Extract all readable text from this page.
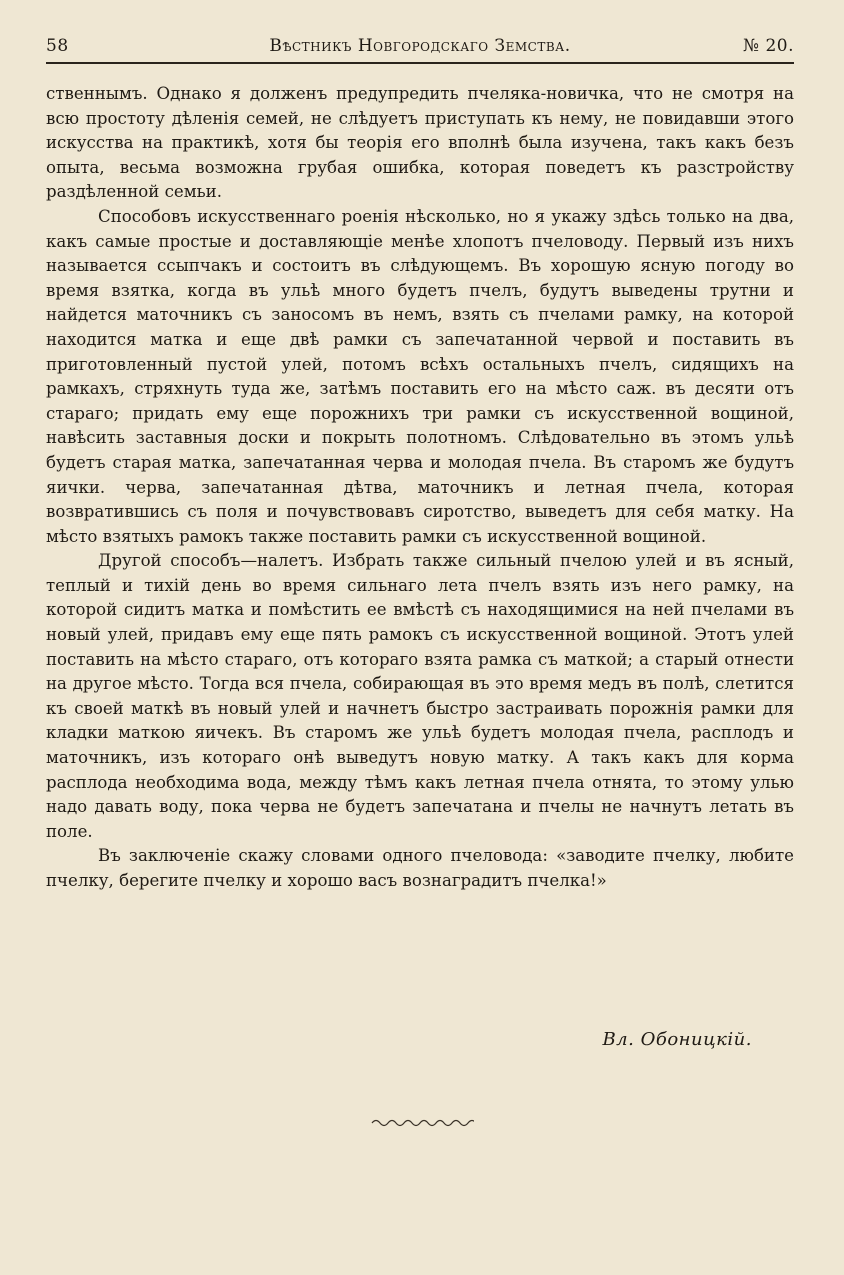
58	Вѣстникъ Новгородскаго Земства.	№ 20.

ственнымъ. Однако я долженъ предупредить пчеляка-новичка, что не смотря на всю простоту дѣленія семей, не слѣдуетъ приступать къ нему, не повидавши этого искусства на практикѣ, хотя бы теорія его вполнѣ была изучена, такъ какъ безъ опыта, весьма возможна грубая ошибка, которая поведетъ къ разстройству раздѣленной семьи.

Способовъ искусственнаго роенія нѣсколько, но я укажу здѣсь только на два, какъ самые простые и доставляющіе менѣе хлопотъ пчеловоду. Первый изъ нихъ называется ссыпчакъ и состоитъ въ слѣдующемъ. Въ хорошую ясную погоду во время взятка, когда въ ульѣ много будетъ пчелъ, будутъ выведены трутни и найдется маточникъ съ заносомъ въ немъ, взять съ пчелами рамку, на которой находится матка и еще двѣ рамки съ запечатанной червой и поставить въ приготовленный пустой улей, потомъ всѣхъ остальныхъ пчелъ, сидящихъ на рамкахъ, стряхнуть туда же, затѣмъ поставить его на мѣсто саж. въ десяти отъ стараго; придать ему еще порожнихъ три рамки съ искусственной вощиной, навѣсить заставныя доски и покрыть полотномъ. Слѣдовательно въ этомъ ульѣ будетъ старая матка, запечатанная черва и молодая пчела. Въ старомъ же будутъ яички. черва, запечатанная дѣтва, маточникъ и летная пчела, которая возвратившись съ поля и почувствовавъ сиротство, выведетъ для себя матку. На мѣсто взятыхъ рамокъ также поставить рамки съ искусственной вощиной.

Другой способъ—налетъ. Избрать также сильный пчелою улей и въ ясный, теплый и тихій день во время сильнаго лета пчелъ взять изъ него рамку, на которой сидитъ матка и помѣстить ее вмѣстѣ съ находящимися на ней пчелами въ новый улей, придавъ ему еще пять рамокъ съ искусственной вощиной. Этотъ улей поставить на мѣсто стараго, отъ котораго взята рамка съ маткой; а старый отнести на другое мѣсто. Тогда вся пчела, собирающая въ это время медъ въ полѣ, слетится къ своей маткѣ въ новый улей и начнетъ быстро застраивать порожнія рамки для кладки маткою яичекъ. Въ старомъ же ульѣ будетъ молодая пчела, расплодъ и маточникъ, изъ котораго онѣ выведутъ новую матку. А такъ какъ для корма расплода необходима вода, между тѣмъ какъ летная пчела отнята, то этому улью надо давать воду, пока черва не будетъ запечатана и пчелы не начнутъ летать въ поле.

Въ заключеніе скажу словами одного пчеловода: «заводите пчелку, любите пчелку, берегите пчелку и хорошо васъ вознаградитъ пчелка!»

Вл. Обоницкій.
